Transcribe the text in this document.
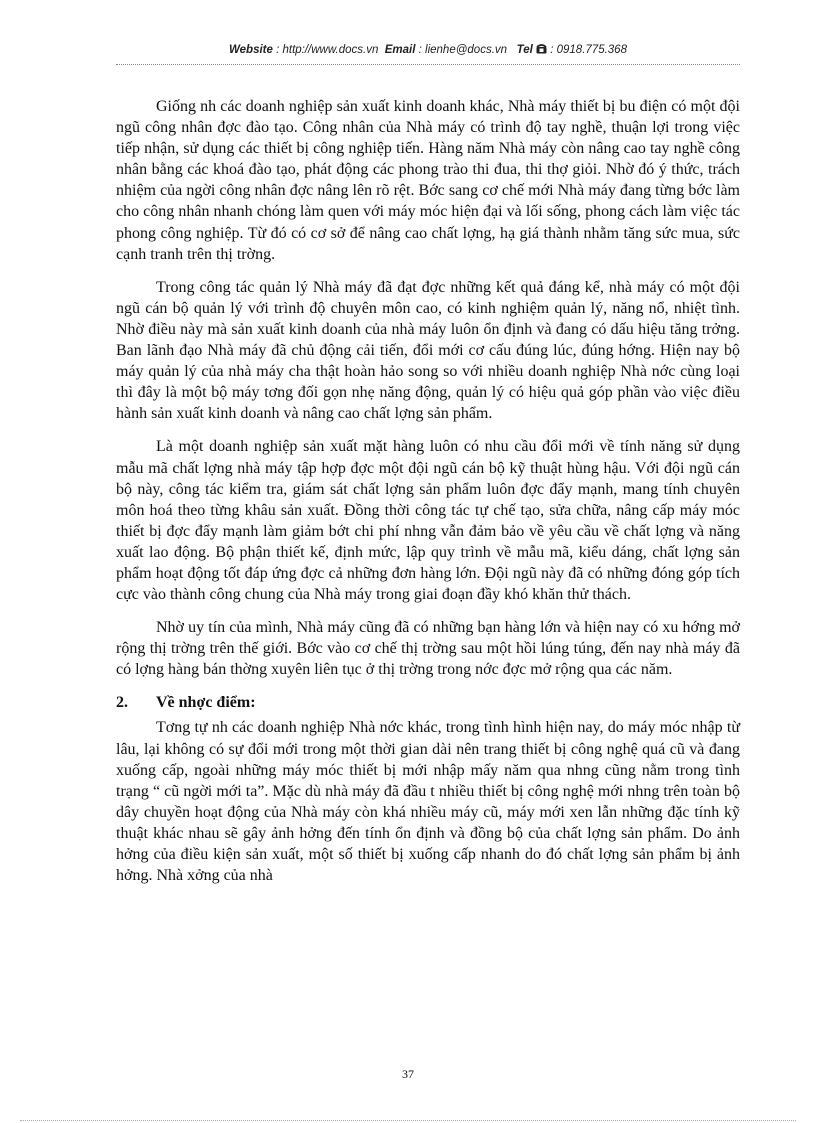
Website : http://www.docs.vn Email : lienhe@docs.vn Tel : 0918.775.368

Giống nh các doanh nghiệp sản xuất kinh doanh khác, Nhà máy thiết bị bu điện có một đội ngũ công nhân đợc đào tạo. Công nhân của Nhà máy có trình độ tay nghề, thuận lợi trong việc tiếp nhận, sử dụng các thiết bị công nghiệp tiến. Hàng năm Nhà máy còn nâng cao tay nghề công nhân bằng các khoá đào tạo, phát động các phong trào thi đua, thi thợ giỏi. Nhờ đó ý thức, trách nhiệm của ngời công nhân đợc nâng lên rõ rệt. Bớc sang cơ chế mới Nhà máy đang từng bớc làm cho công nhân nhanh chóng làm quen với máy móc hiện đại và lối sống, phong cách làm việc tác phong công nghiệp. Từ đó có cơ sở để nâng cao chất lợng, hạ giá thành nhằm tăng sức mua, sức cạnh tranh trên thị trờng.

Trong công tác quản lý Nhà máy đã đạt đợc những kết quả đáng kể, nhà máy có một đội ngũ cán bộ quản lý với trình độ chuyên môn cao, có kinh nghiệm quản lý, năng nổ, nhiệt tình. Nhờ điều này mà sản xuất kinh doanh của nhà máy luôn ổn định và đang có dấu hiệu tăng trởng. Ban lãnh đạo Nhà máy đã chủ động cải tiến, đổi mới cơ cấu đúng lúc, đúng hớng. Hiện nay bộ máy quản lý của nhà máy cha thật hoàn hảo song so với nhiều doanh nghiệp Nhà nớc cùng loại thì đây là một bộ máy tơng đối gọn nhẹ năng động, quản lý có hiệu quả góp phần vào việc điều hành sản xuất kinh doanh và nâng cao chất lợng sản phẩm.

Là một doanh nghiệp sản xuất mặt hàng luôn có nhu cầu đổi mới về tính năng sử dụng mẫu mã chất lợng nhà máy tập hợp đợc một đội ngũ cán bộ kỹ thuật hùng hậu. Với đội ngũ cán bộ này, công tác kiểm tra, giám sát chất lợng sản phẩm luôn đợc đẩy mạnh, mang tính chuyên môn hoá theo từng khâu sản xuất. Đồng thời công tác tự chế tạo, sửa chữa, nâng cấp máy móc thiết bị đợc đẩy mạnh làm giảm bớt chi phí nhng vẫn đảm bảo về yêu cầu về chất lợng và năng xuất lao động. Bộ phận thiết kế, định mức, lập quy trình về mẫu mã, kiểu dáng, chất lợng sản phẩm hoạt động tốt đáp ứng đợc cả những đơn hàng lớn. Đội ngũ này đã có những đóng góp tích cực vào thành công chung của Nhà máy trong giai đoạn đầy khó khăn thử thách.

Nhờ uy tín của mình, Nhà máy cũng đã có những bạn hàng lớn và hiện nay có xu hớng mở rộng thị trờng trên thế giới. Bớc vào cơ chế thị trờng sau một hồi lúng túng, đến nay nhà máy đã có lợng hàng bán thờng xuyên liên tục ở thị trờng trong nớc đợc mở rộng qua các năm.

2. Về nhợc điểm:

Tơng tự nh các doanh nghiệp Nhà nớc khác, trong tình hình hiện nay, do máy móc nhập từ lâu, lại không có sự đổi mới trong một thời gian dài nên trang thiết bị công nghệ quá cũ và đang xuống cấp, ngoài những máy móc thiết bị mới nhập mấy năm qua nhng cũng nằm trong tình trạng “ cũ ngời mới ta”. Mặc dù nhà máy đã đầu t nhiều thiết bị công nghệ mới nhng trên toàn bộ dây chuyền hoạt động của Nhà máy còn khá nhiều máy cũ, máy mới xen lẫn những đặc tính kỹ thuật khác nhau sẽ gây ảnh hởng đến tính ổn định và đồng bộ của chất lợng sản phẩm. Do ảnh hởng của điều kiện sản xuất, một số thiết bị xuống cấp nhanh do đó chất lợng sản phẩm bị ảnh hởng. Nhà xởng của nhà

37
